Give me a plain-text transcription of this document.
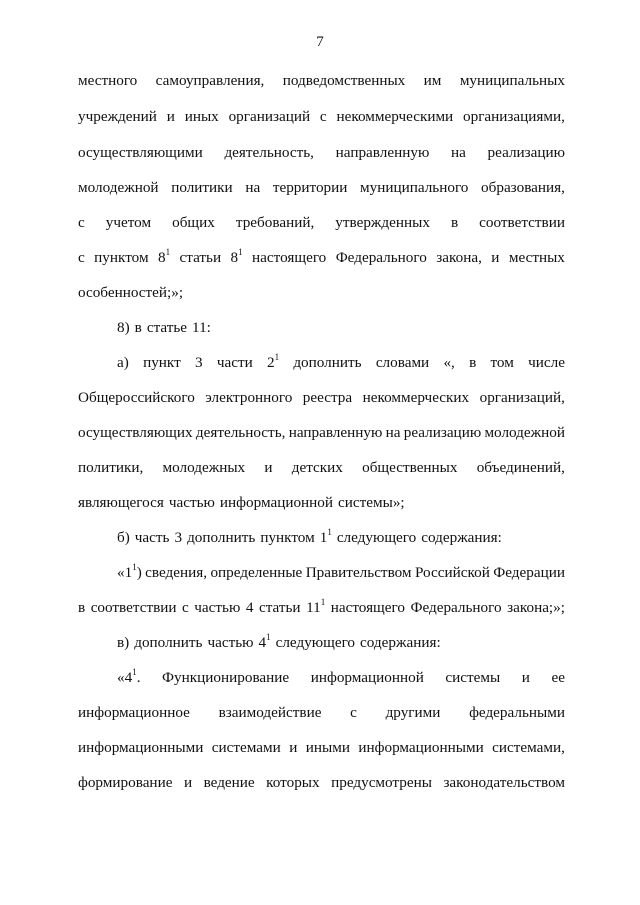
7
местного самоуправления, подведомственных им муниципальных
учреждений и иных организаций с некоммерческими организациями,
осуществляющими деятельность, направленную на реализацию
молодежной политики на территории муниципального образования,
с учетом общих требований, утвержденных в соответствии
с пунктом $8^1$ статьи $8^1$ настоящего Федерального закона, и местных
особенностей;»;
8) в статье 11:
а) пункт 3 части $2^1$ дополнить словами «, в том числе
Общероссийского электронного реестра некоммерческих организаций,
осуществляющих деятельность, направленную на реализацию молодежной
политики, молодежных и детских общественных объединений,
являющегося частью информационной системы»;
б) часть 3 дополнить пунктом $1^1$ следующего содержания:
«$1^1$) сведения, определенные Правительством Российской Федерации
в соответствии с частью 4 статьи $11^1$ настоящего Федерального закона;»;
в) дополнить частью $4^1$ следующего содержания:
«$4^1$. Функционирование информационной системы и ее
информационное взаимодействие с другими федеральными
информационными системами и иными информационными системами,
формирование и ведение которых предусмотрены законодательством
